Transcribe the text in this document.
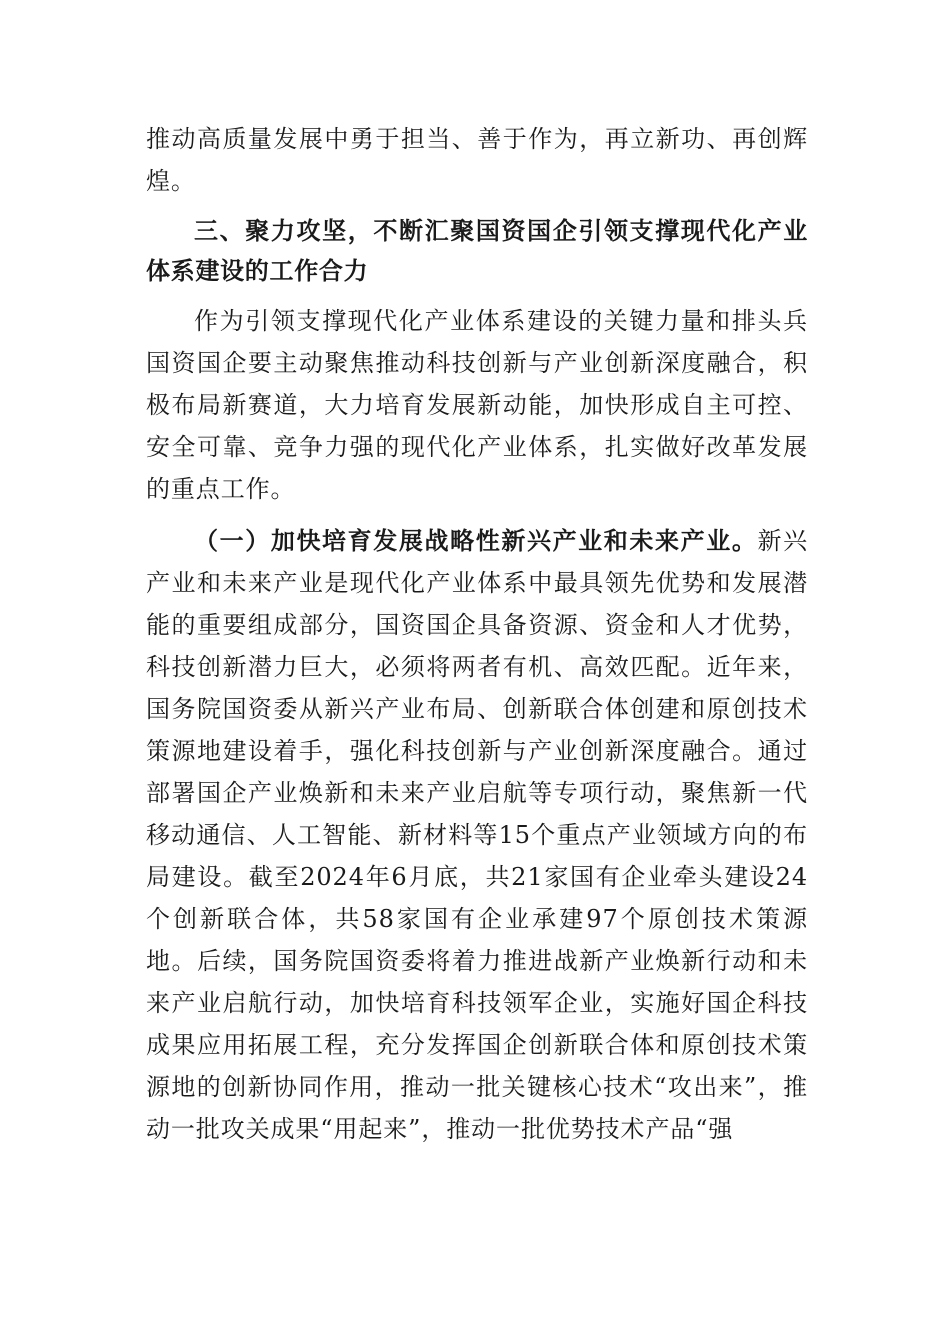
推动高质量发展中勇于担当、善于作为，再立新功、再创辉煌。

三、聚力攻坚，不断汇聚国资国企引领支撑现代化产业体系建设的工作合力

作为引领支撑现代化产业体系建设的关键力量和排头兵国资国企要主动聚焦推动科技创新与产业创新深度融合，积极布局新赛道，大力培育发展新动能，加快形成自主可控、安全可靠、竞争力强的现代化产业体系，扎实做好改革发展的重点工作。

（一）加快培育发展战略性新兴产业和未来产业。新兴产业和未来产业是现代化产业体系中最具领先优势和发展潜能的重要组成部分，国资国企具备资源、资金和人才优势，科技创新潜力巨大，必须将两者有机、高效匹配。近年来，国务院国资委从新兴产业布局、创新联合体创建和原创技术策源地建设着手，强化科技创新与产业创新深度融合。通过部署国企产业焕新和未来产业启航等专项行动，聚焦新一代移动通信、人工智能、新材料等15个重点产业领域方向的布局建设。截至2024年6月底，共21家国有企业牵头建设24个创新联合体，共58家国有企业承建97个原创技术策源地。后续，国务院国资委将着力推进战新产业焕新行动和未来产业启航行动，加快培育科技领军企业，实施好国企科技成果应用拓展工程，充分发挥国企创新联合体和原创技术策源地的创新协同作用，推动一批关键核心技术“攻出来”，推动一批攻关成果“用起来”，推动一批优势技术产品“强
